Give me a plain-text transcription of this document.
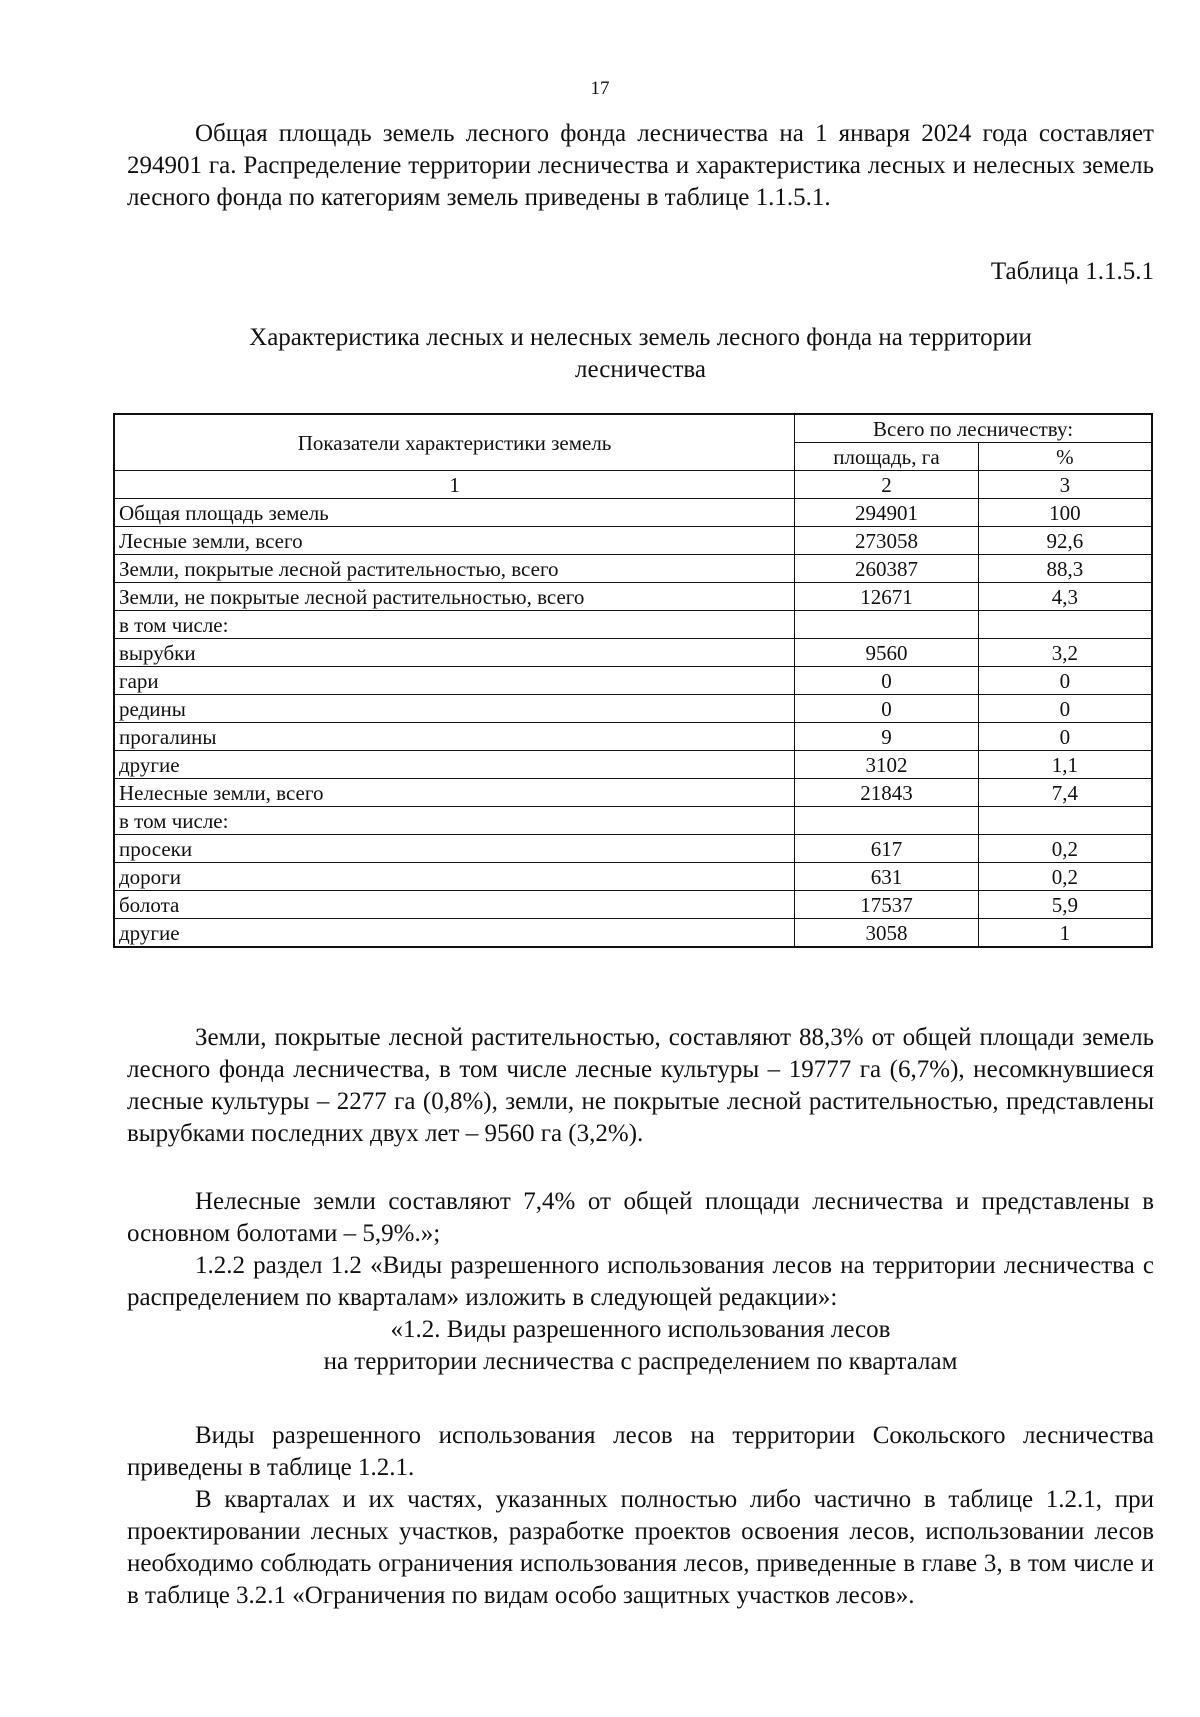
17

Общая площадь земель лесного фонда лесничества на 1 января 2024 года составляет 294901 га. Распределение территории лесничества и характеристика лесных и нелесных земель лесного фонда по категориям земель приведены в таблице 1.1.5.1.

Таблица 1.1.5.1
Характеристика лесных и нелесных земель лесного фонда на территории
лесничества
Показатели характеристики земель	Всего по лесничеству:	
	площадь, га	%
1	2	3
Общая площадь земель	294901	100
Лесные земли, всего	273058	92,6
Земли, покрытые лесной растительностью, всего	260387	88,3
Земли, не покрытые лесной растительностью, всего	12671	4,3
в том числе:		
вырубки	9560	3,2
гари	0	0
редины	0	0
прогалины	9	0
другие	3102	1,1
Нелесные земли, всего	21843	7,4
в том числе:		
просеки	617	0,2
дороги	631	0,2
болота	17537	5,9
другие	3058	1

Земли, покрытые лесной растительностью, составляют 88,3% от общей площади земель лесного фонда лесничества, в том числе лесные культуры – 19777 га (6,7%), несомкнувшиеся лесные культуры – 2277 га (0,8%), земли, не покрытые лесной растительностью, представлены вырубками последних двух лет – 9560 га (3,2%).

Нелесные земли составляют 7,4% от общей площади лесничества и представлены в основном болотами – 5,9%.»;

1.2.2 раздел 1.2 «Виды разрешенного использования лесов на территории лесничества с распределением по кварталам» изложить в следующей редакции»:

«1.2. Виды разрешенного использования лесов

на территории лесничества с распределением по кварталам

Виды разрешенного использования лесов на территории Сокольского лесничества приведены в таблице 1.2.1.

В кварталах и их частях, указанных полностью либо частично в таблице 1.2.1, при проектировании лесных участков, разработке проектов освоения лесов, использовании лесов необходимо соблюдать ограничения использования лесов, приведенные в главе 3, в том числе и в таблице 3.2.1 «Ограничения по видам особо защитных участков лесов».
